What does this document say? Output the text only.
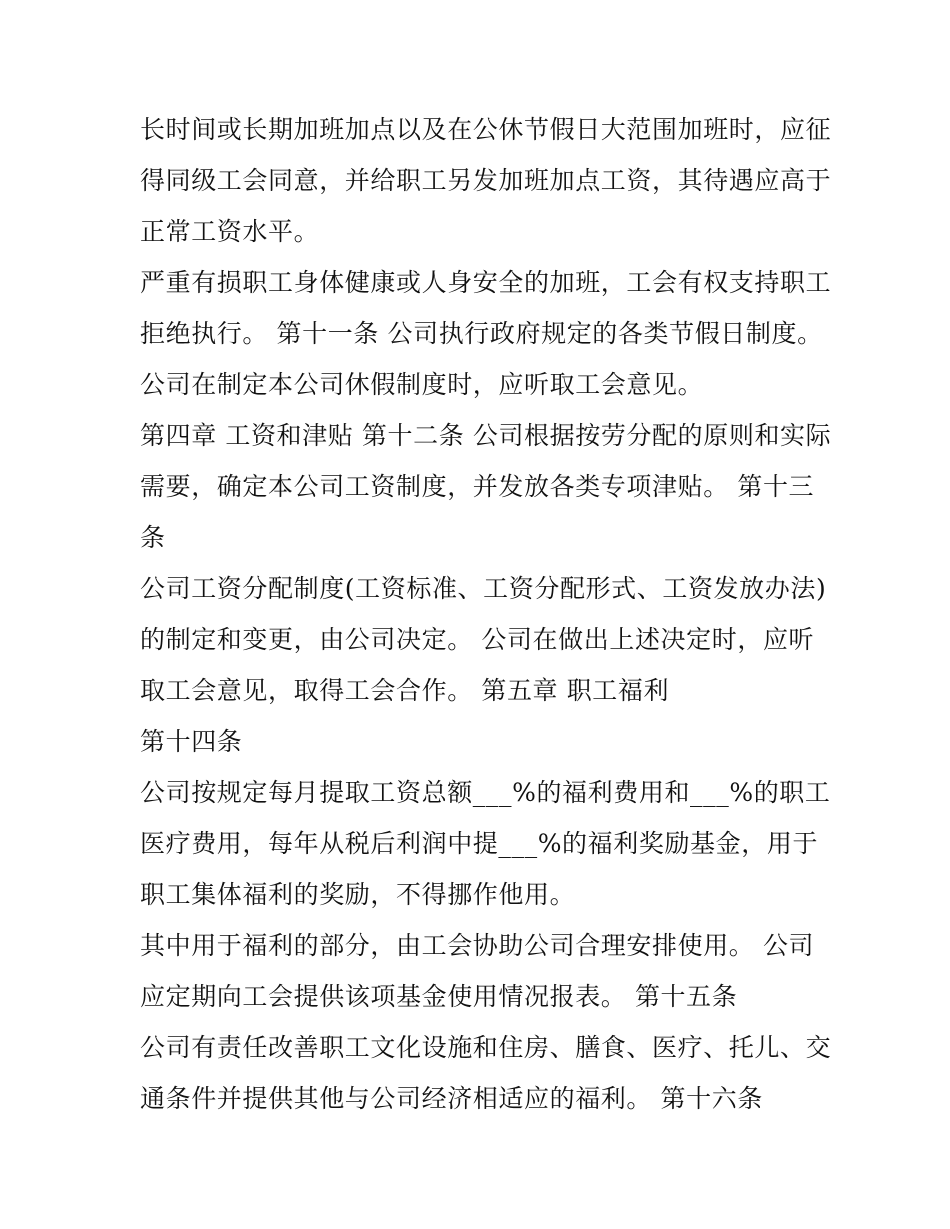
长时间或长期加班加点以及在公休节假日大范围加班时，应征
得同级工会同意，并给职工另发加班加点工资，其待遇应高于
正常工资水平。
严重有损职工身体健康或人身安全的加班，工会有权支持职工
拒绝执行。 第十一条 公司执行政府规定的各类节假日制度。
公司在制定本公司休假制度时，应听取工会意见。
第四章 工资和津贴 第十二条 公司根据按劳分配的原则和实际
需要，确定本公司工资制度，并发放各类专项津贴。 第十三
条
公司工资分配制度(工资标准、工资分配形式、工资发放办法)
的制定和变更，由公司决定。 公司在做出上述决定时，应听
取工会意见，取得工会合作。 第五章 职工福利
第十四条
公司按规定每月提取工资总额___%的福利费用和___%的职工
医疗费用，每年从税后利润中提___%的福利奖励基金，用于
职工集体福利的奖励，不得挪作他用。
其中用于福利的部分，由工会协助公司合理安排使用。 公司
应定期向工会提供该项基金使用情况报表。 第十五条
公司有责任改善职工文化设施和住房、膳食、医疗、托儿、交
通条件并提供其他与公司经济相适应的福利。 第十六条
